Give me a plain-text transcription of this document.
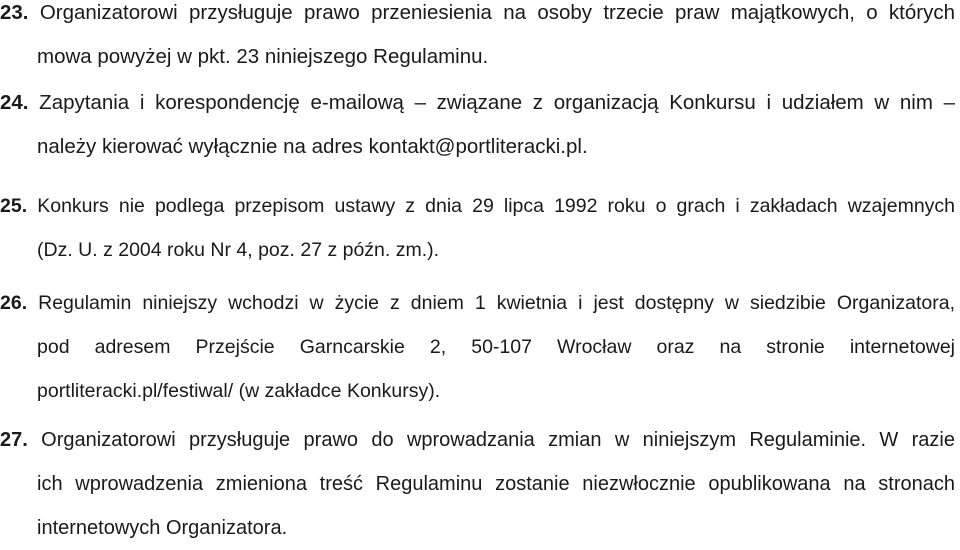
23. Organizatorowi przysługuje prawo przeniesienia na osoby trzecie praw majątkowych, o których
mowa powyżej w pkt. 23 niniejszego Regulaminu.
24. Zapytania i korespondencję e-mailową – związane z organizacją Konkursu i udziałem w nim –
należy kierować wyłącznie na adres kontakt@portliteracki.pl.
25. Konkurs nie podlega przepisom ustawy z dnia 29 lipca 1992 roku o grach i zakładach wzajemnych
(Dz. U. z 2004 roku Nr 4, poz. 27 z późn. zm.).
26. Regulamin niniejszy wchodzi w życie z dniem 1 kwietnia i jest dostępny w siedzibie Organizatora,
pod adresem Przejście Garncarskie 2, 50-107 Wrocław oraz na stronie internetowej
portliteracki.pl/festiwal/ (w zakładce Konkursy).
27. Organizatorowi przysługuje prawo do wprowadzania zmian w niniejszym Regulaminie. W razie
ich wprowadzenia zmieniona treść Regulaminu zostanie niezwłocznie opublikowana na stronach
internetowych Organizatora.
